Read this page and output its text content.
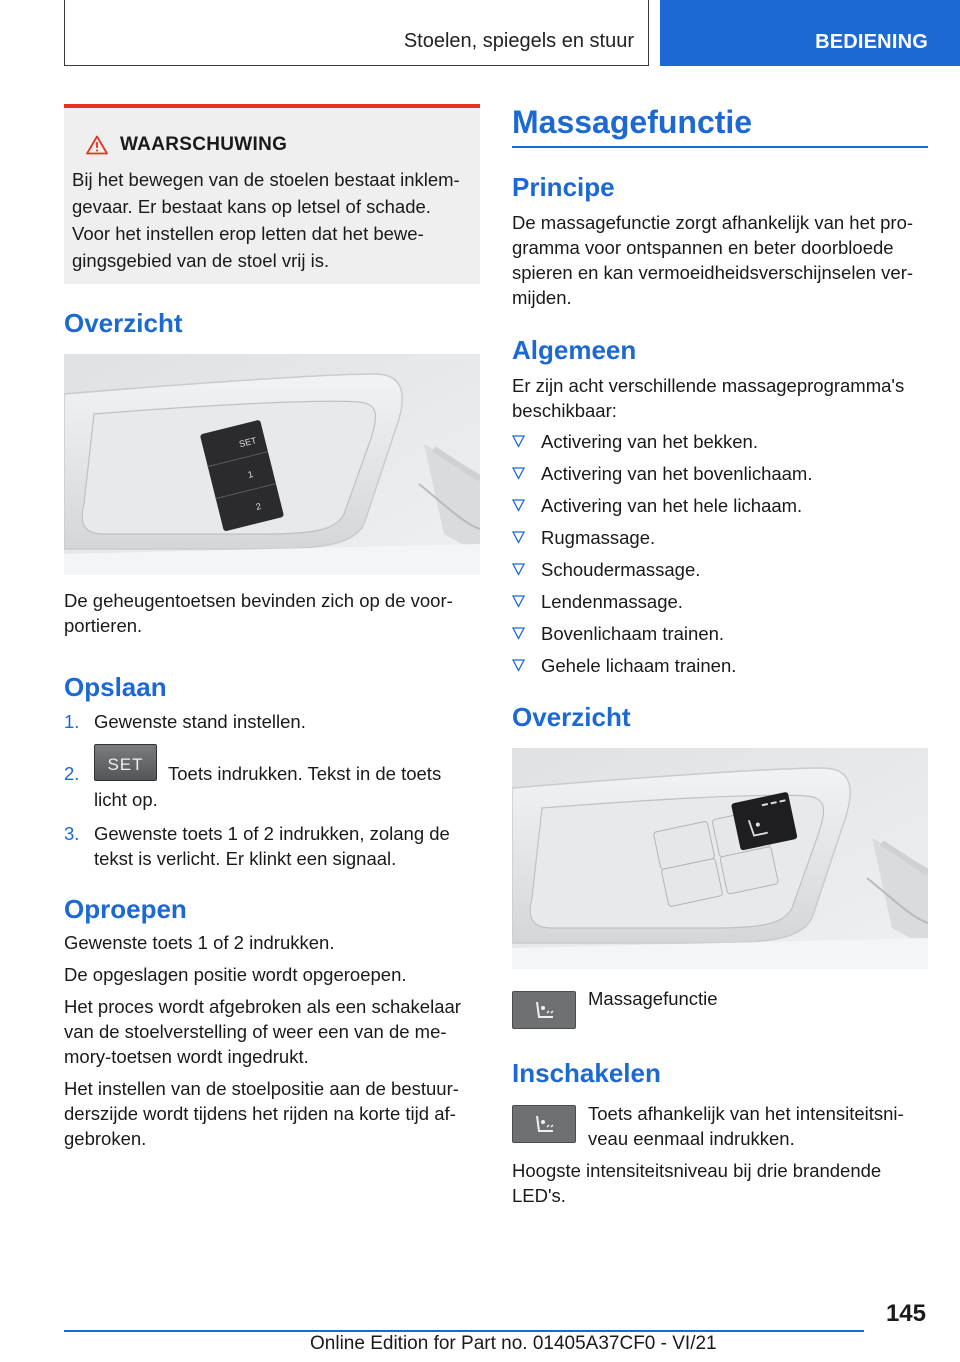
Stoelen, spiegels en stuur	BEDIENING
WAARSCHUWING
Bij het bewegen van de stoelen bestaat inklem-
gevaar. Er bestaat kans op letsel of schade.
Voor het instellen erop letten dat het bewe-
gingsgebied van de stoel vrij is.
Overzicht
SET
1
2
De geheugentoetsen bevinden zich op de voor-
portieren.
Opslaan
1. Gewenste stand instellen.
2.	SET	Toets indrukken. Tekst in de toets
licht op.
3. Gewenste toets 1 of 2 indrukken, zolang de
tekst is verlicht. Er klinkt een signaal.
Oproepen
Gewenste toets 1 of 2 indrukken.
De opgeslagen positie wordt opgeroepen.
Het proces wordt afgebroken als een schakelaar
van de stoelverstelling of weer een van de me-
mory-toetsen wordt ingedrukt.
Het instellen van de stoelpositie aan de bestuur-
derszijde wordt tijdens het rijden na korte tijd af-
gebroken.
Massagefunctie
Principe
De massagefunctie zorgt afhankelijk van het pro-
gramma voor ontspannen en beter doorbloede
spieren en kan vermoeidheidsverschijnselen ver-
mijden.
Algemeen
Er zijn acht verschillende massageprogramma's
beschikbaar:
Activering van het bekken.
Activering van het bovenlichaam.
Activering van het hele lichaam.
Rugmassage.
Schoudermassage.
Lendenmassage.
Bovenlichaam trainen.
Gehele lichaam trainen.
Overzicht
Massagefunctie
Inschakelen
Toets afhankelijk van het intensiteitsni-
veau eenmaal indrukken.
Hoogste intensiteitsniveau bij drie brandende
LED's.
145
Online Edition for Part no. 01405A37CF0 - VI/21
